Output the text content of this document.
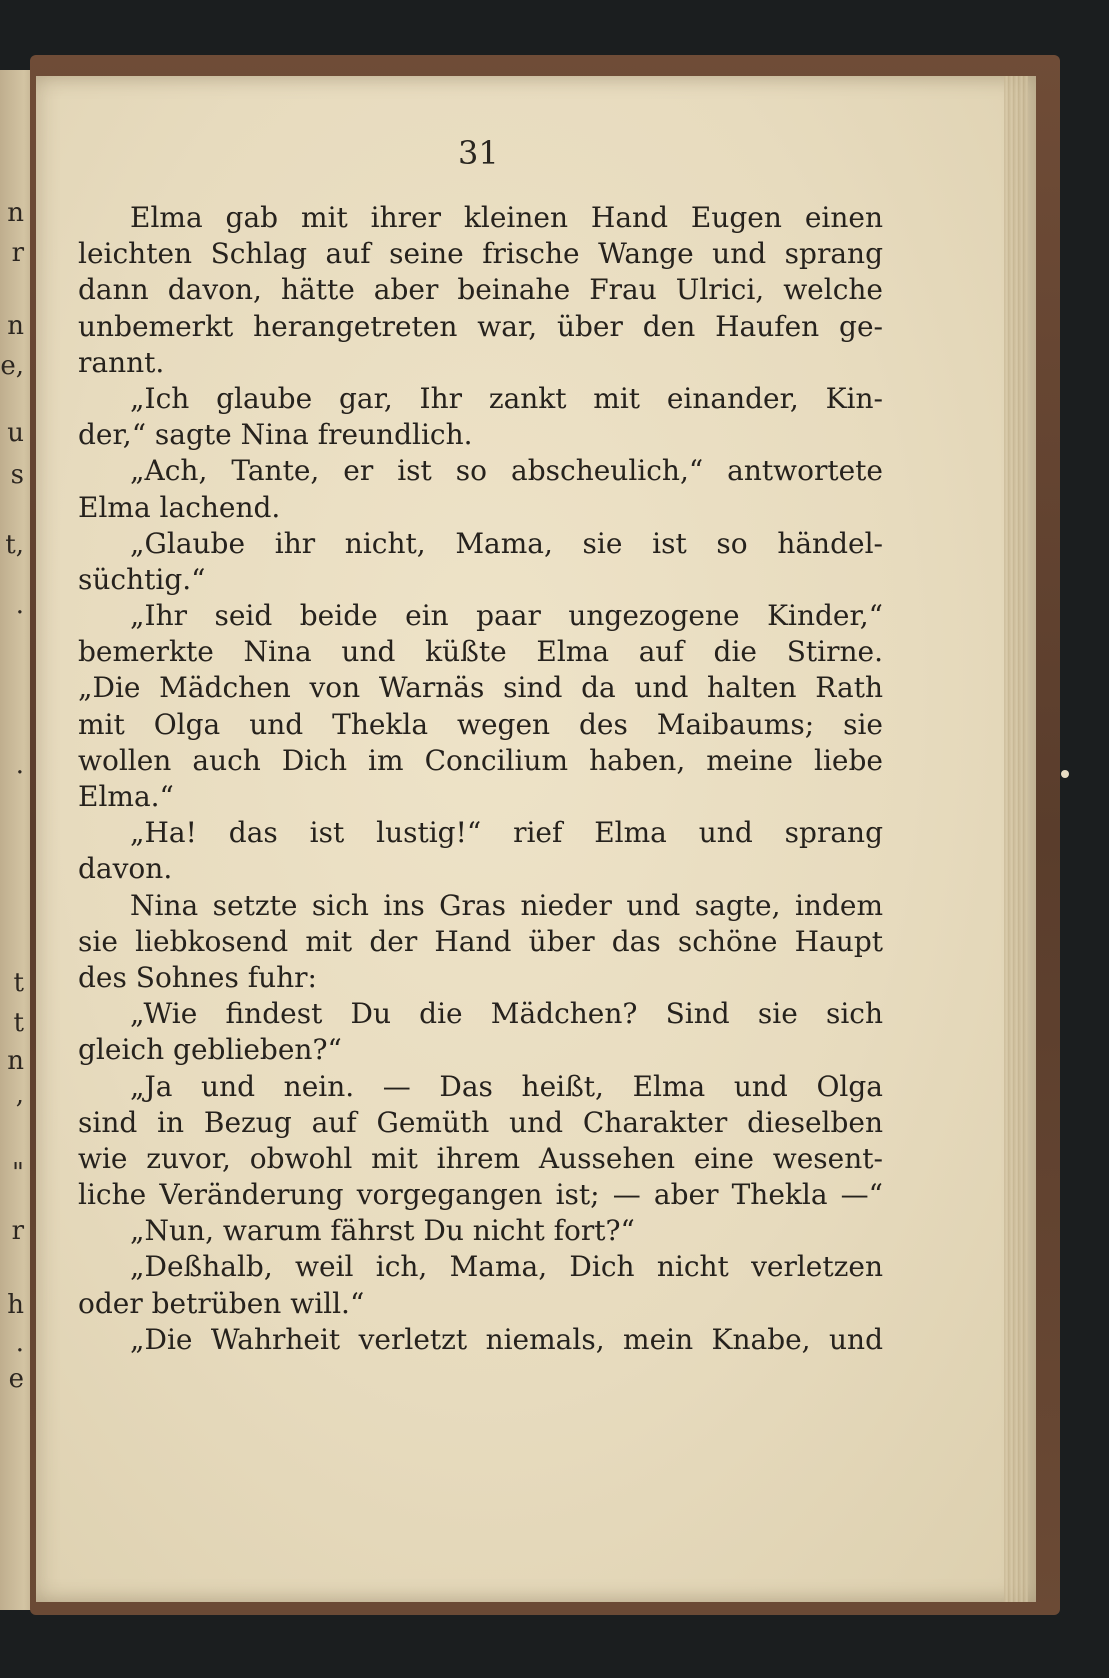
n
r
n
e,
u
s
t,
·
·
t
t
n
,
"
r
h
·
e
31
Elma gab mit ihrer kleinen Hand Eugen einen
leichten Schlag auf seine frische Wange und sprang
dann davon, hätte aber beinahe Frau Ulrici, welche
unbemerkt herangetreten war, über den Haufen ge-
rannt.
„Ich glaube gar, Ihr zankt mit einander, Kin-
der,“ sagte Nina freundlich.
„Ach, Tante, er ist so abscheulich,“ antwortete
Elma lachend.
„Glaube ihr nicht, Mama, sie ist so händel-
süchtig.“
„Ihr seid beide ein paar ungezogene Kinder,“
bemerkte Nina und küßte Elma auf die Stirne.
„Die Mädchen von Warnäs sind da und halten Rath
mit Olga und Thekla wegen des Maibaums; sie
wollen auch Dich im Concilium haben, meine liebe
Elma.“
„Ha! das ist lustig!“ rief Elma und sprang
davon.
Nina setzte sich ins Gras nieder und sagte, indem
sie liebkosend mit der Hand über das schöne Haupt
des Sohnes fuhr:
„Wie findest Du die Mädchen? Sind sie sich
gleich geblieben?“
„Ja und nein. — Das heißt, Elma und Olga
sind in Bezug auf Gemüth und Charakter dieselben
wie zuvor, obwohl mit ihrem Aussehen eine wesent-
liche Veränderung vorgegangen ist; — aber Thekla —“
„Nun, warum fährst Du nicht fort?“
„Deßhalb, weil ich, Mama, Dich nicht verletzen
oder betrüben will.“
„Die Wahrheit verletzt niemals, mein Knabe, und
